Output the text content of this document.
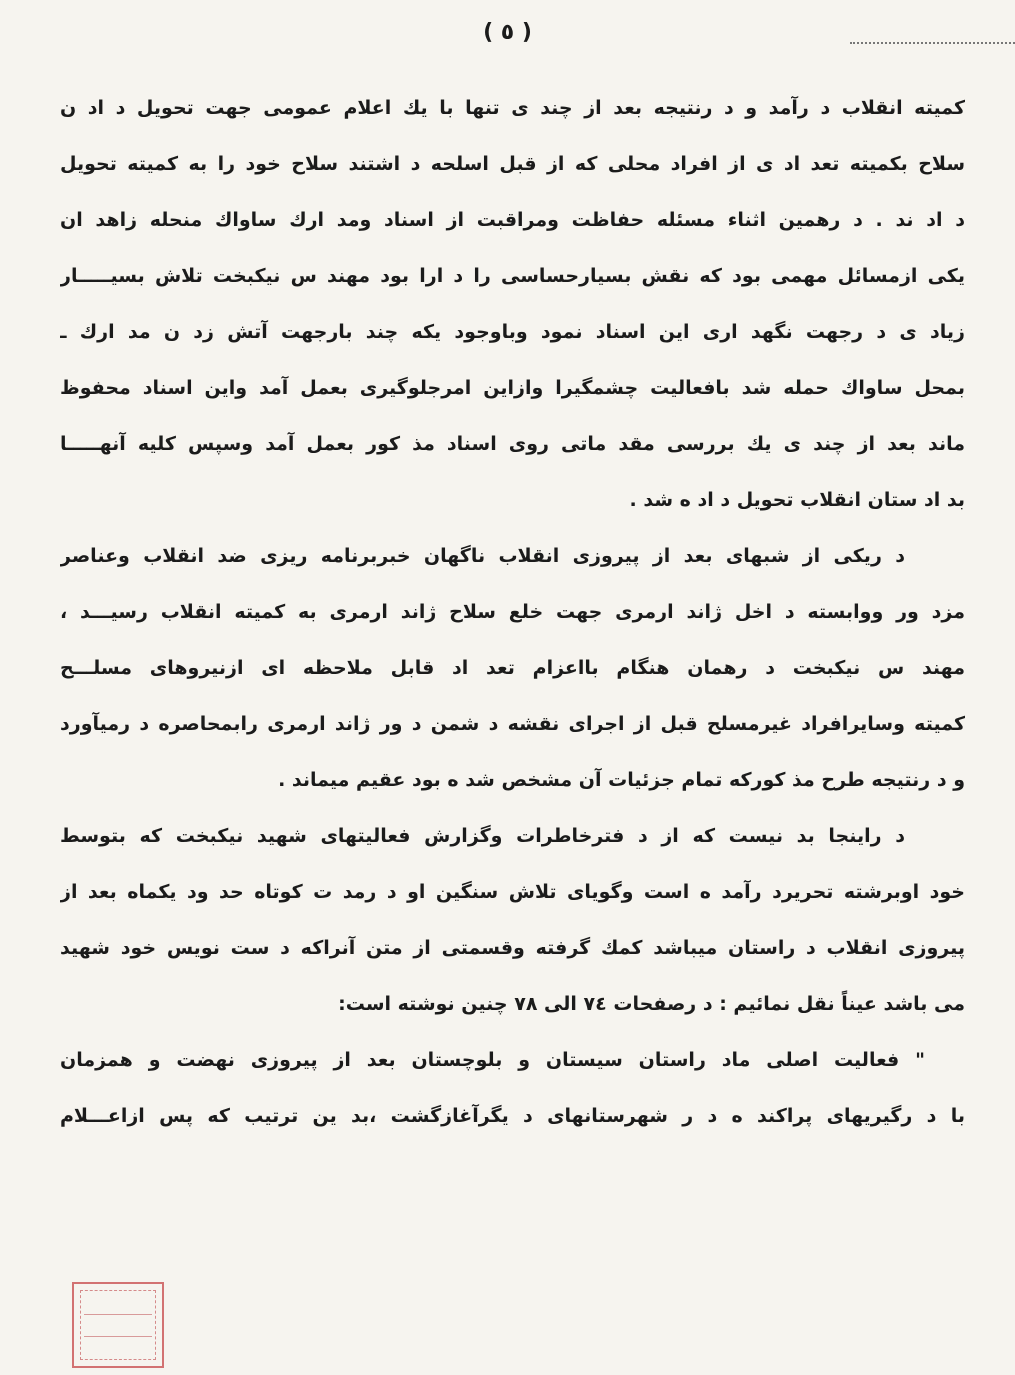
( ٥ )
کمیته انقلاب د رآمد و د رنتیجه بعد از چند ی تنها با یك اعلام عمومی جهت تحویل د اد ن
سلاح بکمیته تعد اد ی از افراد محلی که از قبل اسلحه د اشتند سلاح خود را به کمیته تحویل
د اد ند . د رهمین اثناء مسئله حفاظت ومراقبت از اسناد ومد ارك ساواك منحله زاهد ان
یکی ازمسائل مهمی بود که نقش بسیارحساسی را د ارا بود مهند س نیکبخت تلاش بسیـــــار
زیاد ی د رجهت نگهد اری این اسناد نمود وباوجود یکه چند بارجهت آتش زد ن مد ارك ـ
بمحل ساواك حمله شد بافعالیت چشمگیرا وازاین امرجلوگیری بعمل آمد واین اسناد محفوظ
ماند بعد از چند ی یك بررسی مقد ماتی روی اسناد مذ کور بعمل آمد وسپس کلیه آنهـــــا
بد اد ستان انقلاب تحویل د اد ه شد .
د ریکی از شبهای بعد از پیروزی انقلاب ناگهان خبربرنامه ریزی ضد انقلاب وعناصر
مزد ور ووابسته د اخل ژاند ارمری جهت خلع سلاح ژاند ارمری به کمیته انقلاب رسیـــد ،
مهند س نیکبخت د رهمان هنگام بااعزام تعد اد قابل ملاحظه ای ازنیروهای مسلـــح
کمیته وسایرافراد غیرمسلح قبل از اجرای نقشه د شمن د ور ژاند ارمری رابمحاصره د رمیآورد
و د رنتیجه طرح مذ کورکه تمام جزئیات آن مشخص شد ه بود عقیم میماند .
د راینجا بد نیست که از د فترخاطرات وگزارش فعالیتهای شهید نیکبخت که بتوسط
خود اوبرشته تحریرد رآمد ه است وگویای تلاش سنگین او د رمد ت کوتاه حد ود یکماه بعد از
پیروزی انقلاب د راستان میباشد کمك گرفته وقسمتی از متن آنراکه د ست نویس خود شهید
می باشد عیناً نقل نمائیم : د رصفحات ٧٤ الی ٧٨ چنین نوشته است:
" فعالیت اصلی ماد راستان سیستان و بلوچستان بعد از پیروزی نهضت و همزمان
با د رگیریهای پراکند ه د ر شهرستانهای د یگرآغازگشت ،بد ین ترتیب که پس ازاعـــلام
